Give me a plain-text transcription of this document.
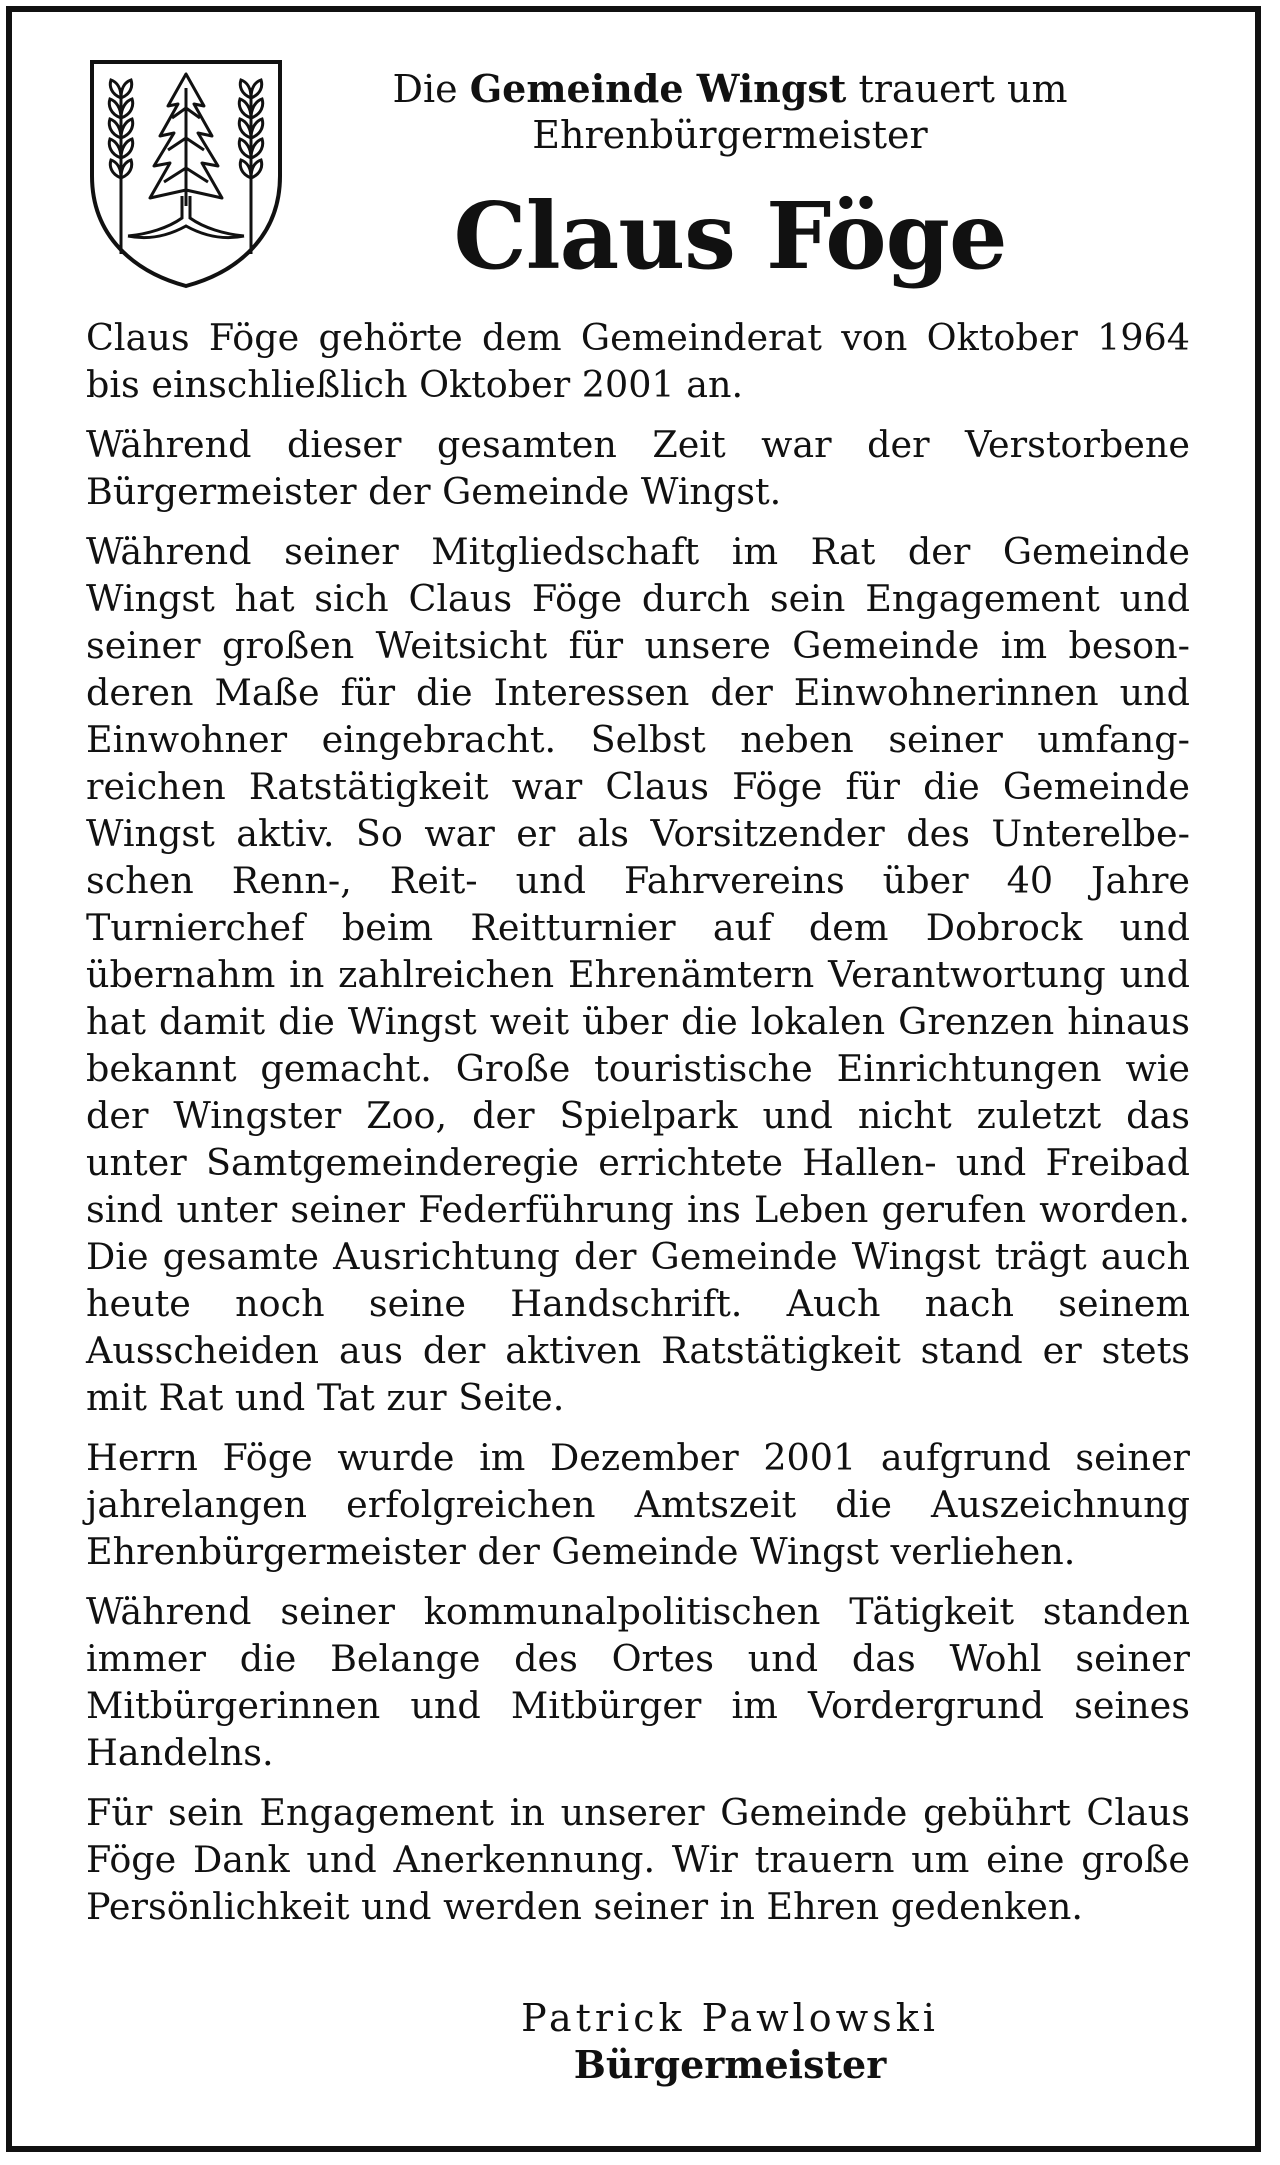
Die Gemeinde Wingst trauert um
Ehrenbürgermeister
Claus Föge

Claus Föge gehörte dem Gemeinderat von Oktober 1964 bis einschließlich Oktober 2001 an.

Während dieser gesamten Zeit war der Verstorbene Bürgermeister der Gemeinde Wingst.

Während seiner Mitgliedschaft im Rat der Gemeinde Wingst hat sich Claus Föge durch sein Engagement und seiner großen Weitsicht für unsere Gemeinde im besonderen Maße für die Interessen der Einwohnerinnen und Einwohner eingebracht. Selbst neben seiner umfangreichen Ratstätigkeit war Claus Föge für die Gemeinde Wingst aktiv. So war er als Vorsitzender des Unterelbeschen Renn-, Reit- und Fahrvereins über 40 Jahre Turnierchef beim Reitturnier auf dem Dobrock und übernahm in zahlreichen Ehrenämtern Verantwortung und hat damit die Wingst weit über die lokalen Grenzen hinaus bekannt gemacht. Große touristische Einrichtungen wie der Wingster Zoo, der Spielpark und nicht zuletzt das unter Samtgemeinderegie errichtete Hallen- und Freibad sind unter seiner Federführung ins Leben gerufen worden. Die gesamte Ausrichtung der Gemeinde Wingst trägt auch heute noch seine Handschrift. Auch nach seinem Ausscheiden aus der aktiven Ratstätigkeit stand er stets mit Rat und Tat zur Seite.

Herrn Föge wurde im Dezember 2001 aufgrund seiner jahrelangen erfolgreichen Amtszeit die Auszeichnung Ehrenbürgermeister der Gemeinde Wingst verliehen.

Während seiner kommunalpolitischen Tätigkeit standen immer die Belange des Ortes und das Wohl seiner Mitbürgerinnen und Mitbürger im Vordergrund seines Handelns.

Für sein Engagement in unserer Gemeinde gebührt Claus Föge Dank und Anerkennung. Wir trauern um eine große Persönlichkeit und werden seiner in Ehren gedenken.

Patrick Pawlowski
Bürgermeister
